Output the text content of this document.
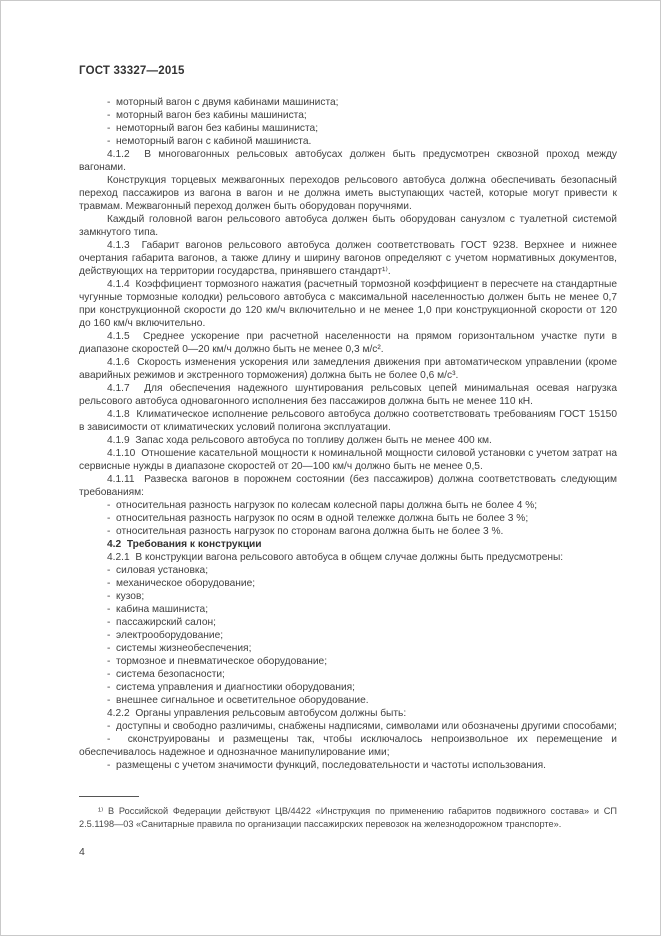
ГОСТ 33327—2015

-  моторный вагон с двумя кабинами машиниста;

-  моторный вагон без кабины машиниста;

-  немоторный вагон без кабины машиниста;

-  немоторный вагон с кабиной машиниста.

4.1.2  В многовагонных рельсовых автобусах должен быть предусмотрен сквозной проход между вагонами.

Конструкция торцевых межвагонных переходов рельсового автобуса должна обеспечивать безопасный переход пассажиров из вагона в вагон и не должна иметь выступающих частей, которые могут привести к травмам. Межвагонный переход должен быть оборудован поручнями.

Каждый головной вагон рельсового автобуса должен быть оборудован санузлом с туалетной системой замкнутого типа.

4.1.3  Габарит вагонов рельсового автобуса должен соответствовать ГОСТ 9238. Верхнее и нижнее очертания габарита вагонов, а также длину и ширину вагонов определяют с учетом нормативных документов, действующих на территории государства, принявшего стандарт¹⁾.

4.1.4  Коэффициент тормозного нажатия (расчетный тормозной коэффициент в пересчете на стандартные чугунные тормозные колодки) рельсового автобуса с максимальной населенностью должен быть не менее 0,7 при конструкционной скорости до 120 км/ч включительно и не менее 1,0 при конструкционной скорости от 120 до 160 км/ч включительно.

4.1.5  Среднее ускорение при расчетной населенности на прямом горизонтальном участке пути в диапазоне скоростей 0—20 км/ч должно быть не менее 0,3 м/с².

4.1.6  Скорость изменения ускорения или замедления движения при автоматическом управлении (кроме аварийных режимов и экстренного торможения) должна быть не более 0,6 м/с³.

4.1.7  Для обеспечения надежного шунтирования рельсовых цепей минимальная осевая нагрузка рельсового автобуса одновагонного исполнения без пассажиров должна быть не менее 110 кН.

4.1.8  Климатическое исполнение рельсового автобуса должно соответствовать требованиям ГОСТ 15150 в зависимости от климатических условий полигона эксплуатации.

4.1.9  Запас хода рельсового автобуса по топливу должен быть не менее 400 км.

4.1.10  Отношение касательной мощности к номинальной мощности силовой установки с учетом затрат на сервисные нужды в диапазоне скоростей от 20—100 км/ч должно быть не менее 0,5.

4.1.11  Развеска вагонов в порожнем состоянии (без пассажиров) должна соответствовать следующим требованиям:

-  относительная разность нагрузок по колесам колесной пары должна быть не более 4 %;

-  относительная разность нагрузок по осям в одной тележке должна быть не более 3 %;

-  относительная разность нагрузок по сторонам вагона должна быть не более 3 %.

4.2  Требования к конструкции

4.2.1  В конструкции вагона рельсового автобуса в общем случае должны быть предусмотрены:

-  силовая установка;

-  механическое оборудование;

-  кузов;

-  кабина машиниста;

-  пассажирский салон;

-  электрооборудование;

-  системы жизнеобеспечения;

-  тормозное и пневматическое оборудование;

-  система безопасности;

-  система управления и диагностики оборудования;

-  внешнее сигнальное и осветительное оборудование.

4.2.2  Органы управления рельсовым автобусом должны быть:

-  доступны и свободно различимы, снабжены надписями, символами или обозначены другими способами;

-  сконструированы и размещены так, чтобы исключалось непроизвольное их перемещение и обеспечивалось надежное и однозначное манипулирование ими;

-  размещены с учетом значимости функций, последовательности и частоты использования.

¹⁾ В Российской Федерации действуют ЦВ/4422 «Инструкция по применению габаритов подвижного состава» и СП 2.5.1198—03 «Санитарные правила по организации пассажирских перевозок на железнодорожном транспорте».
4
